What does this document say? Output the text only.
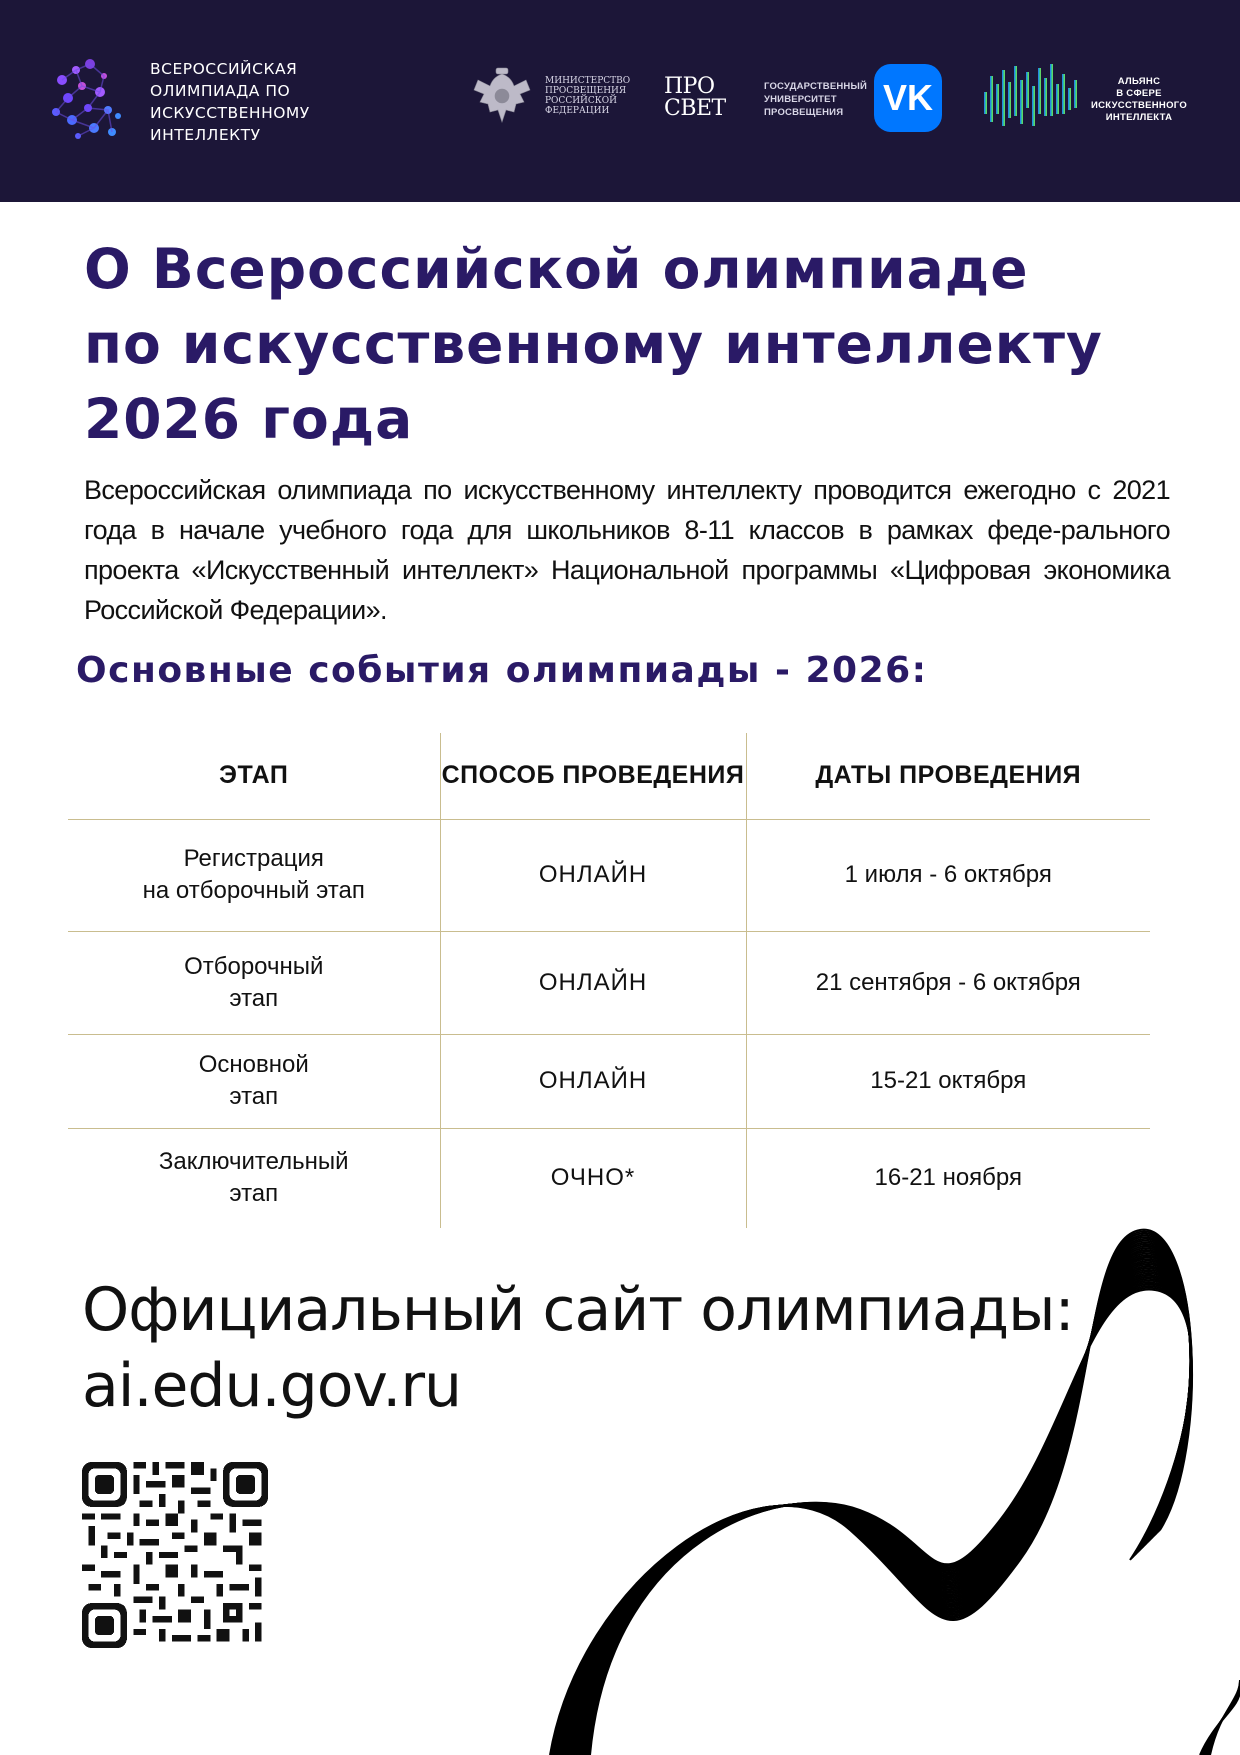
ВСЕРОССИЙСКАЯ
ОЛИМПИАДА ПО
ИСКУССТВЕННОМУ
ИНТЕЛЛЕКТУ
МИНИСТЕРСТВО
ПРОСВЕЩЕНИЯ
РОССИЙСКОЙ
ФЕДЕРАЦИИ
ПРО
СВЕТ
ГОСУДАРСТВЕННЫЙ
УНИВЕРСИТЕТ
ПРОСВЕЩЕНИЯ	VK	АЛЬЯНС
В СФЕРЕ
ИСКУССТВЕННОГО
ИНТЕЛЛЕКТА
О Всероссийской олимпиаде
по искусственному интеллекту
2026 года

Всероссийская олимпиада по искусственному интеллекту проводится ежегодно с 2021 года в начале учебного года для школьников 8-11 классов в рамках феде-рального проекта «Искусственный интеллект» Национальной программы «Цифровая экономика Российской Федерации».

Основные события олимпиады - 2026:
ЭТАП	СПОСОБ ПРОВЕДЕНИЯ	ДАТЫ ПРОВЕДЕНИЯ

Регистрация
на отборочный этап	ОНЛАЙН	1 июля - 6 октября

Отборочный
этап	ОНЛАЙН	21 сентября - 6 октября

Основной
этап	ОНЛАЙН	15-21 октября

Заключительный
этап	ОЧНО*	16-21 ноября
Официальный сайт олимпиады:
ai.edu.gov.ru
